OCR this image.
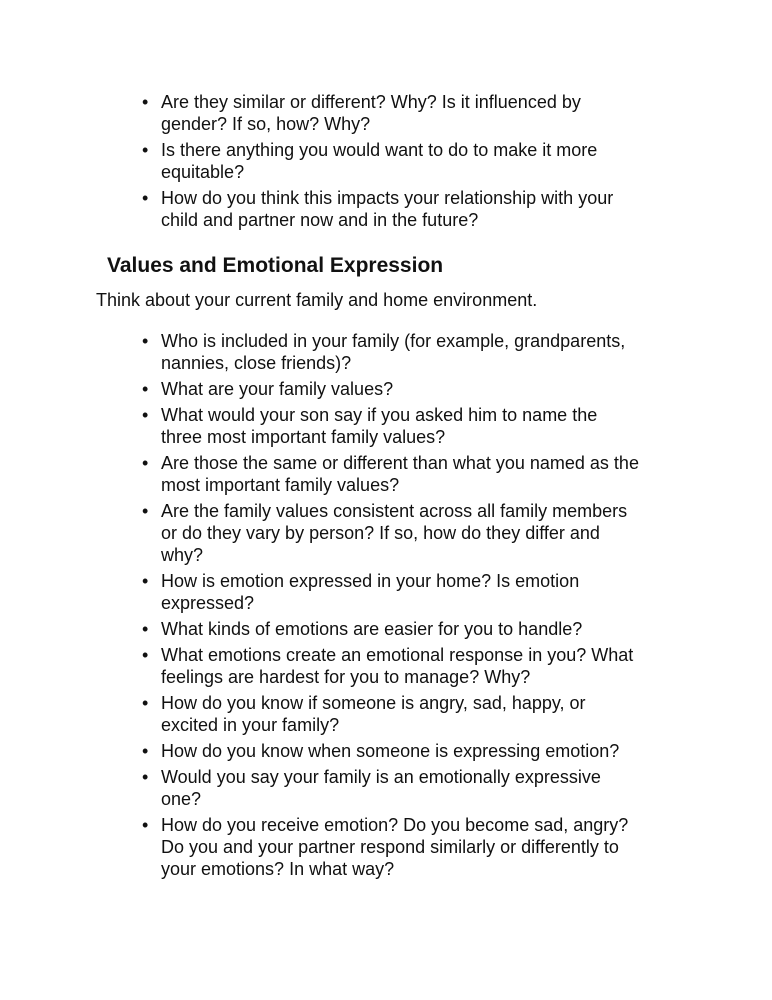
• Are they similar or different? Why? Is it influenced by gender? If so, how? Why?
• Is there anything you would want to do to make it more equitable?
• How do you think this impacts your relationship with your child and partner now and in the future?
Values and Emotional Expression

Think about your current family and home environment.

• Who is included in your family (for example, grandparents, nannies, close friends)?
• What are your family values?
• What would your son say if you asked him to name the three most important family values?
• Are those the same or different than what you named as the most important family values?
• Are the family values consistent across all family members or do they vary by person? If so, how do they differ and why?
• How is emotion expressed in your home? Is emotion expressed?
• What kinds of emotions are easier for you to handle?
• What emotions create an emotional response in you? What feelings are hardest for you to manage? Why?
• How do you know if someone is angry, sad, happy, or excited in your family?
• How do you know when someone is expressing emotion?
• Would you say your family is an emotionally expressive one?
• How do you receive emotion? Do you become sad, angry? Do you and your partner respond similarly or differently to your emotions? In what way?
